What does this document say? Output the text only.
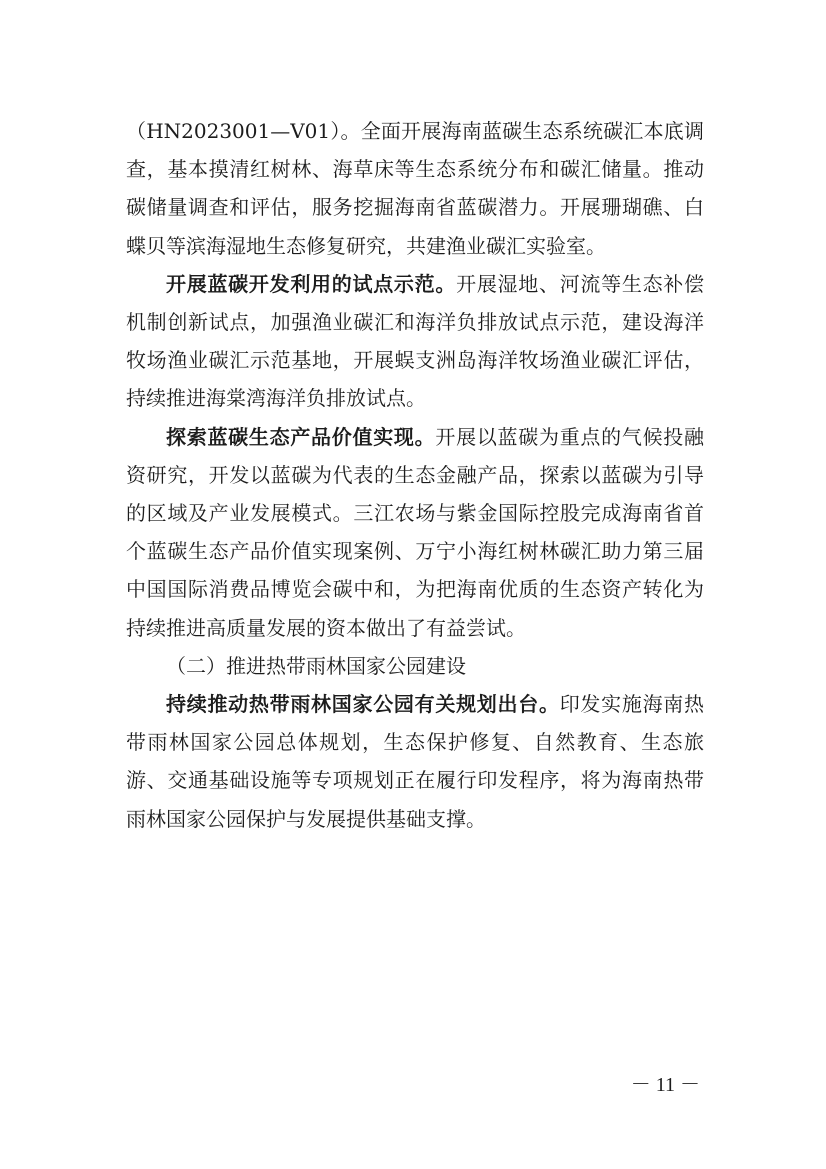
（HN2023001—V01）。全面开展海南蓝碳生态系统碳汇本底调查，基本摸清红树林、海草床等生态系统分布和碳汇储量。推动碳储量调查和评估，服务挖掘海南省蓝碳潜力。开展珊瑚礁、白蝶贝等滨海湿地生态修复研究，共建渔业碳汇实验室。

开展蓝碳开发利用的试点示范。开展湿地、河流等生态补偿机制创新试点，加强渔业碳汇和海洋负排放试点示范，建设海洋牧场渔业碳汇示范基地，开展蜈支洲岛海洋牧场渔业碳汇评估，持续推进海棠湾海洋负排放试点。

探索蓝碳生态产品价值实现。开展以蓝碳为重点的气候投融资研究，开发以蓝碳为代表的生态金融产品，探索以蓝碳为引导的区域及产业发展模式。三江农场与紫金国际控股完成海南省首个蓝碳生态产品价值实现案例、万宁小海红树林碳汇助力第三届中国国际消费品博览会碳中和，为把海南优质的生态资产转化为持续推进高质量发展的资本做出了有益尝试。

（二）推进热带雨林国家公园建设

持续推动热带雨林国家公园有关规划出台。印发实施海南热带雨林国家公园总体规划，生态保护修复、自然教育、生态旅游、交通基础设施等专项规划正在履行印发程序，将为海南热带雨林国家公园保护与发展提供基础支撑。

－ 11 －
